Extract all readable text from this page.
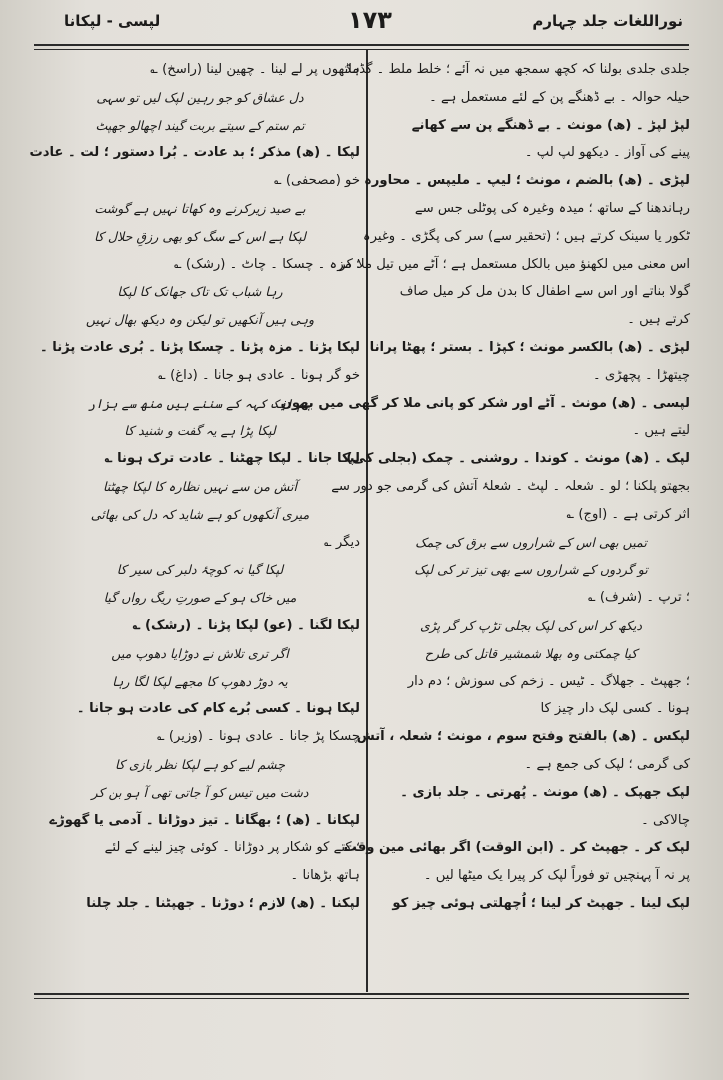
نوراللغات جلد چہارم
١٧٣
لپسی - لپکانا

جلدی جلدی بولنا کہ کچھ سمجھ میں نہ آئے ؛ خلط ملط ۔ گڈمڈ

حیلہ حوالہ ۔ بے ڈھنگے پن کے لئے مستعمل ہے ۔

لپڑ لپڑ ۔ (ھ) مونث ۔ بے ڈھنگے پن سے کھانے

پینے کی آواز ۔ دیکھو لپ لپ ۔

لپڑی ۔ (ھ) بالضم ، مونث ؛ لیپ ۔ ملیپس ۔ محاورہ

رہاندھنا کے ساتھ ؛ میدہ وغیرہ کی پوٹلی جس سے

ٹکور یا سینک کرتے ہیں ؛ (تحقیر سے) سر کی پگڑی ۔ وغیرہ

اس معنی میں لکھنؤ میں بالکل مستعمل ہے ؛ آٹے میں تیل ملا کر

گولا بناتے اور اس سے اطفال کا بدن مل کر میل صاف

کرتے ہیں ۔

لپڑی ۔ (ھ) بالکسر مونث ؛ کپڑا ۔ بستر ؛ پھٹا پرانا

چیتھڑا ۔ پچھڑی ۔

لپسی ۔ (ھ) مونث ۔ آٹے اور شکر کو پانی ملا کر گھی میں بھون

لیتے ہیں ۔

لپک ۔ (ھ) مونث ۔ کوندا ۔ روشنی ۔ چمک (بجلی کی)

بجھتو پلکنا ؛ لو ۔ شعلہ ۔ لپٹ ۔ شعلۂ آتش کی گرمی جو دور سے

اثر کرتی ہے ۔ (اوج) ؎

تمیں بھی اس کے شراروں سے برق کی چمک

تو گردوں کے شراروں سے بھی تیز تر کی لپک

؛ ترپ ۔ (شرف) ؎

دیکھ کر اس کی لپک بجلی تڑپ کر گر پڑی

کیا چمکتی وہ بھلا شمشیر قاتل کی طرح

؛ جھپٹ ۔ جھلاگ ۔ ٹیس ۔ زخم کی سوزش ؛ دم دار

ہونا ۔ کسی لپک دار چیز کا

لپکس ۔ (ھ) بالفتح وفتح سوم ، مونث ؛ شعلہ ، آتش

کی گرمی ؛ لپک کی جمع ہے ۔

لپک جھپک ۔ (ھ) مونث ۔ پُھرتی ۔ جلد بازی ۔

چالاکی ۔

لپک کر ۔ جھپٹ کر ۔ (ابن الوقت) اگر بھائی مین وقت

پر نہ آ پہنچیں تو فوراً لپک کر پیرا یک میٹھا لیں ۔

لپک لینا ۔ جھپٹ کر لینا ؛ اُچھلتی ہوئی چیز کو

ہاتھوں پر لے لینا ۔ چھین لینا (راسخ) ؎

دل عشاق کو جو رہین لپک لیں تو سہی

تم ستم کے سیتے بربت گیند اچھالو جھپٹ

لپکا ۔ (ھ) مذکر ؛ بد عادت ۔ بُرا دستور ؛ لت ۔ عادت

خو (مصحفی) ؎

بے صید زیرکرنے وہ کھاتا نہیں ہے گوشت

لپکا ہے اس کے سگ کو بھی رزقِ حلال کا

؛ مزہ ۔ چسکا ۔ چاٹ ۔ (رشک) ؎

رہا شباب تک تاک جھانک کا لپکا

وہی ہیں آنکھیں تو لیکن وہ دیکھ بھال نہیں

لپکا پڑنا ۔ مزہ پڑنا ۔ چسکا پڑنا ۔ بُری عادت پڑنا ۔

خو گر ہونا ۔ عادی ہو جانا ۔ (داغ) ؎

ہم ایک کہہ کے سننے ہیں منھ سے ہزار

لپکا پڑا ہے یہ گفت و شنید کا

لپکا جانا ۔ لپکا چھٹنا ۔ عادت ترک ہونا ؎

آتش من سے نہیں نظارہ کا لپکا چھٹتا

میری آنکھوں کو ہے شاید کہ دل کی بھائی

دیگر ؎

لپکا گیا نہ کوچۂ دلبر کی سیر کا

میں خاک ہو کے صورتِ ریگ رواں گیا

لپکا لگنا ۔ (عو) لپکا پڑنا ۔ (رشک) ؎

اگر تری تلاش نے دوڑایا دھوپ میں

یہ دوڑ دھوپ کا مجھے لپکا لگا رہا

لپکا ہونا ۔ کسی بُرے کام کی عادت ہو جانا ۔

چسکا پڑ جانا ۔ عادی ہونا ۔ (وزیر) ؎

چشم لیے کو ہے لپکا نظر بازی کا

دشت میں تیس کو آ جاتی تھی آ ہو بن کر

لپکانا ۔ (ھ) ؛ بھگانا ۔ تیز دوڑانا ۔ آدمی یا گھوڑے

؛ کتے کو شکار پر دوڑانا ۔ کوئی چیز لینے کے لئے

ہاتھ بڑھانا ۔

لپکنا ۔ (ھ) لازم ؛ دوڑنا ۔ جھپٹنا ۔ جلد چلنا
